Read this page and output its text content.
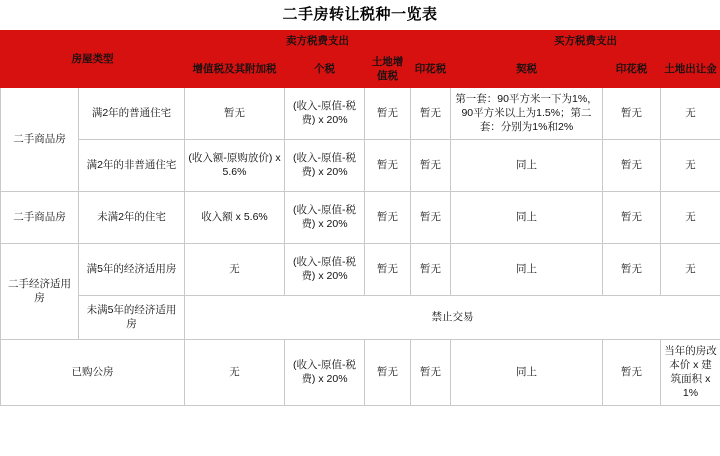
二手房转让税种一览表
房屋类型		卖方税费支出				买方税费支出		
		增值税及其附加税	个税	土地增值税	印花税	契税	印花税	土地出让金
二手商品房	满2年的普通住宅	暂无	(收入-原值-税费) x 20%	暂无	暂无	第一套：90平方米一下为1%，90平方米以上为1.5%；第二套：分别为1%和2%	暂无	无
	满2年的非普通住宅	(收入额-原购放价) x 5.6%	(收入-原值-税费) x 20%	暂无	暂无	同上	暂无	无
二手商品房	未满2年的住宅	收入额 x 5.6%	(收入-原值-税费) x 20%	暂无	暂无	同上	暂无	无
二手经济适用房	满5年的经济适用房	无	(收入-原值-税费) x 20%	暂无	暂无	同上	暂无	无
	未满5年的经济适用房	禁止交易						
已购公房		无	(收入-原值-税费) x 20%	暂无	暂无	同上	暂无	当年的房改本价 x 建筑面积 x 1%
